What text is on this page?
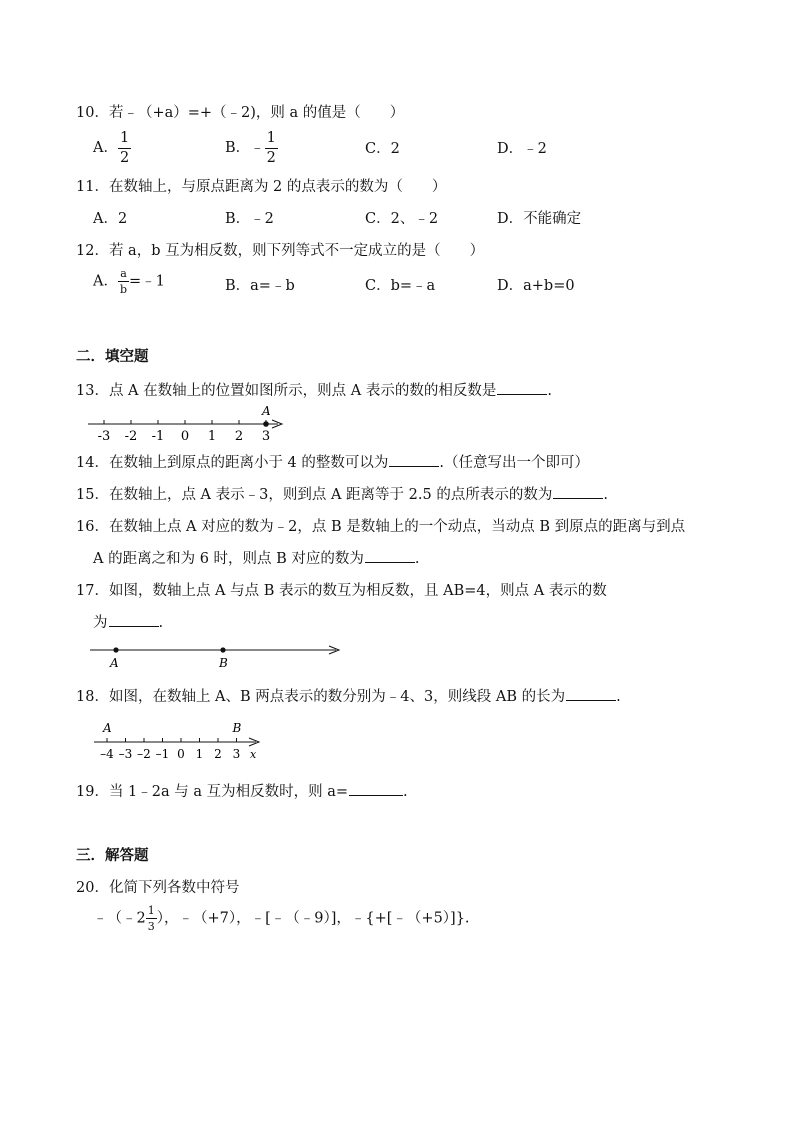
10．若﹣（+a）=+（﹣2)，则 a 的值是（　　）
A． $\frac{1}{2}$	B．﹣ $\frac{1}{2}$	C．2	D．﹣2
11．在数轴上，与原点距离为 2 的点表示的数为（　　）
A．2	B．﹣2	C．2、﹣2	D．不能确定
12．若 a，b 互为相反数，则下列等式不一定成立的是（　　）
A． $\frac{a}{b}$ =﹣1	B．a=﹣b	C．b=﹣a	D．a+b=0
二．填空题
13．点 A 在数轴上的位置如图所示，则点 A 表示的数的相反数是	.
-3 -2 -1 0 1 2 3
A
14．在数轴上到原点的距离小于 4 的整数可以为	.（任意写出一个即可）
15．在数轴上，点 A 表示﹣3，则到点 A 距离等于 2.5 的点所表示的数为	.
16．在数轴上点 A 对应的数为﹣2，点 B 是数轴上的一个动点，当动点 B 到原点的距离与到点
A 的距离之和为 6 时，则点 B 对应的数为	.
17．如图，数轴上点 A 与点 B 表示的数互为相反数，且 AB=4，则点 A 表示的数
为	.
A	B
18．如图，在数轴上 A、B 两点表示的数分别为﹣4、3，则线段 AB 的长为	.
x
–4 –3 –2 –1 0 1 2 3
A	B
19．当 1﹣2a 与 a 互为相反数时，则 a=	.
三．解答题
20．化简下列各数中符号
﹣（﹣2 $\frac{1}{3}$ ），﹣（+7），﹣[﹣（﹣9）]，﹣{+[﹣（+5）]}.
